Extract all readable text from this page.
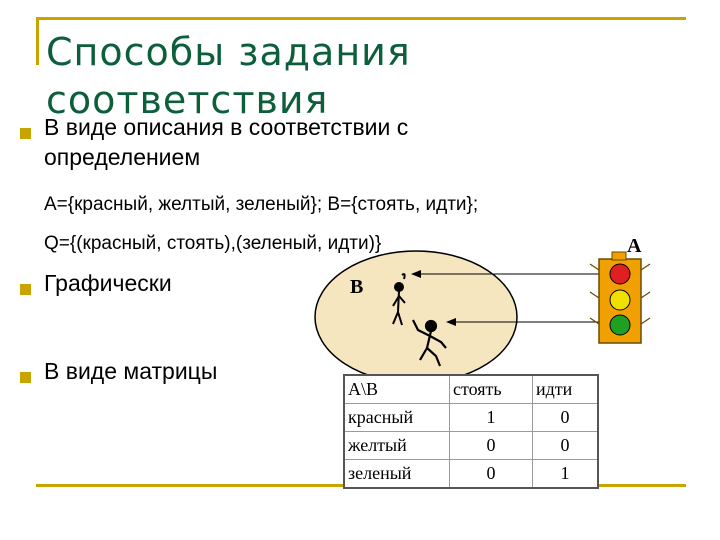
Способы задания соответствия
В виде описания в соответствии с определением
A={красный, желтый, зеленый}; B={стоять, идти};
Q={(красный, стоять),(зеленый, идти)}
Графически
В виде матрицы
B
A
A\B	стоять	идти
красный	1	0
желтый	0	0
зеленый	0	1
